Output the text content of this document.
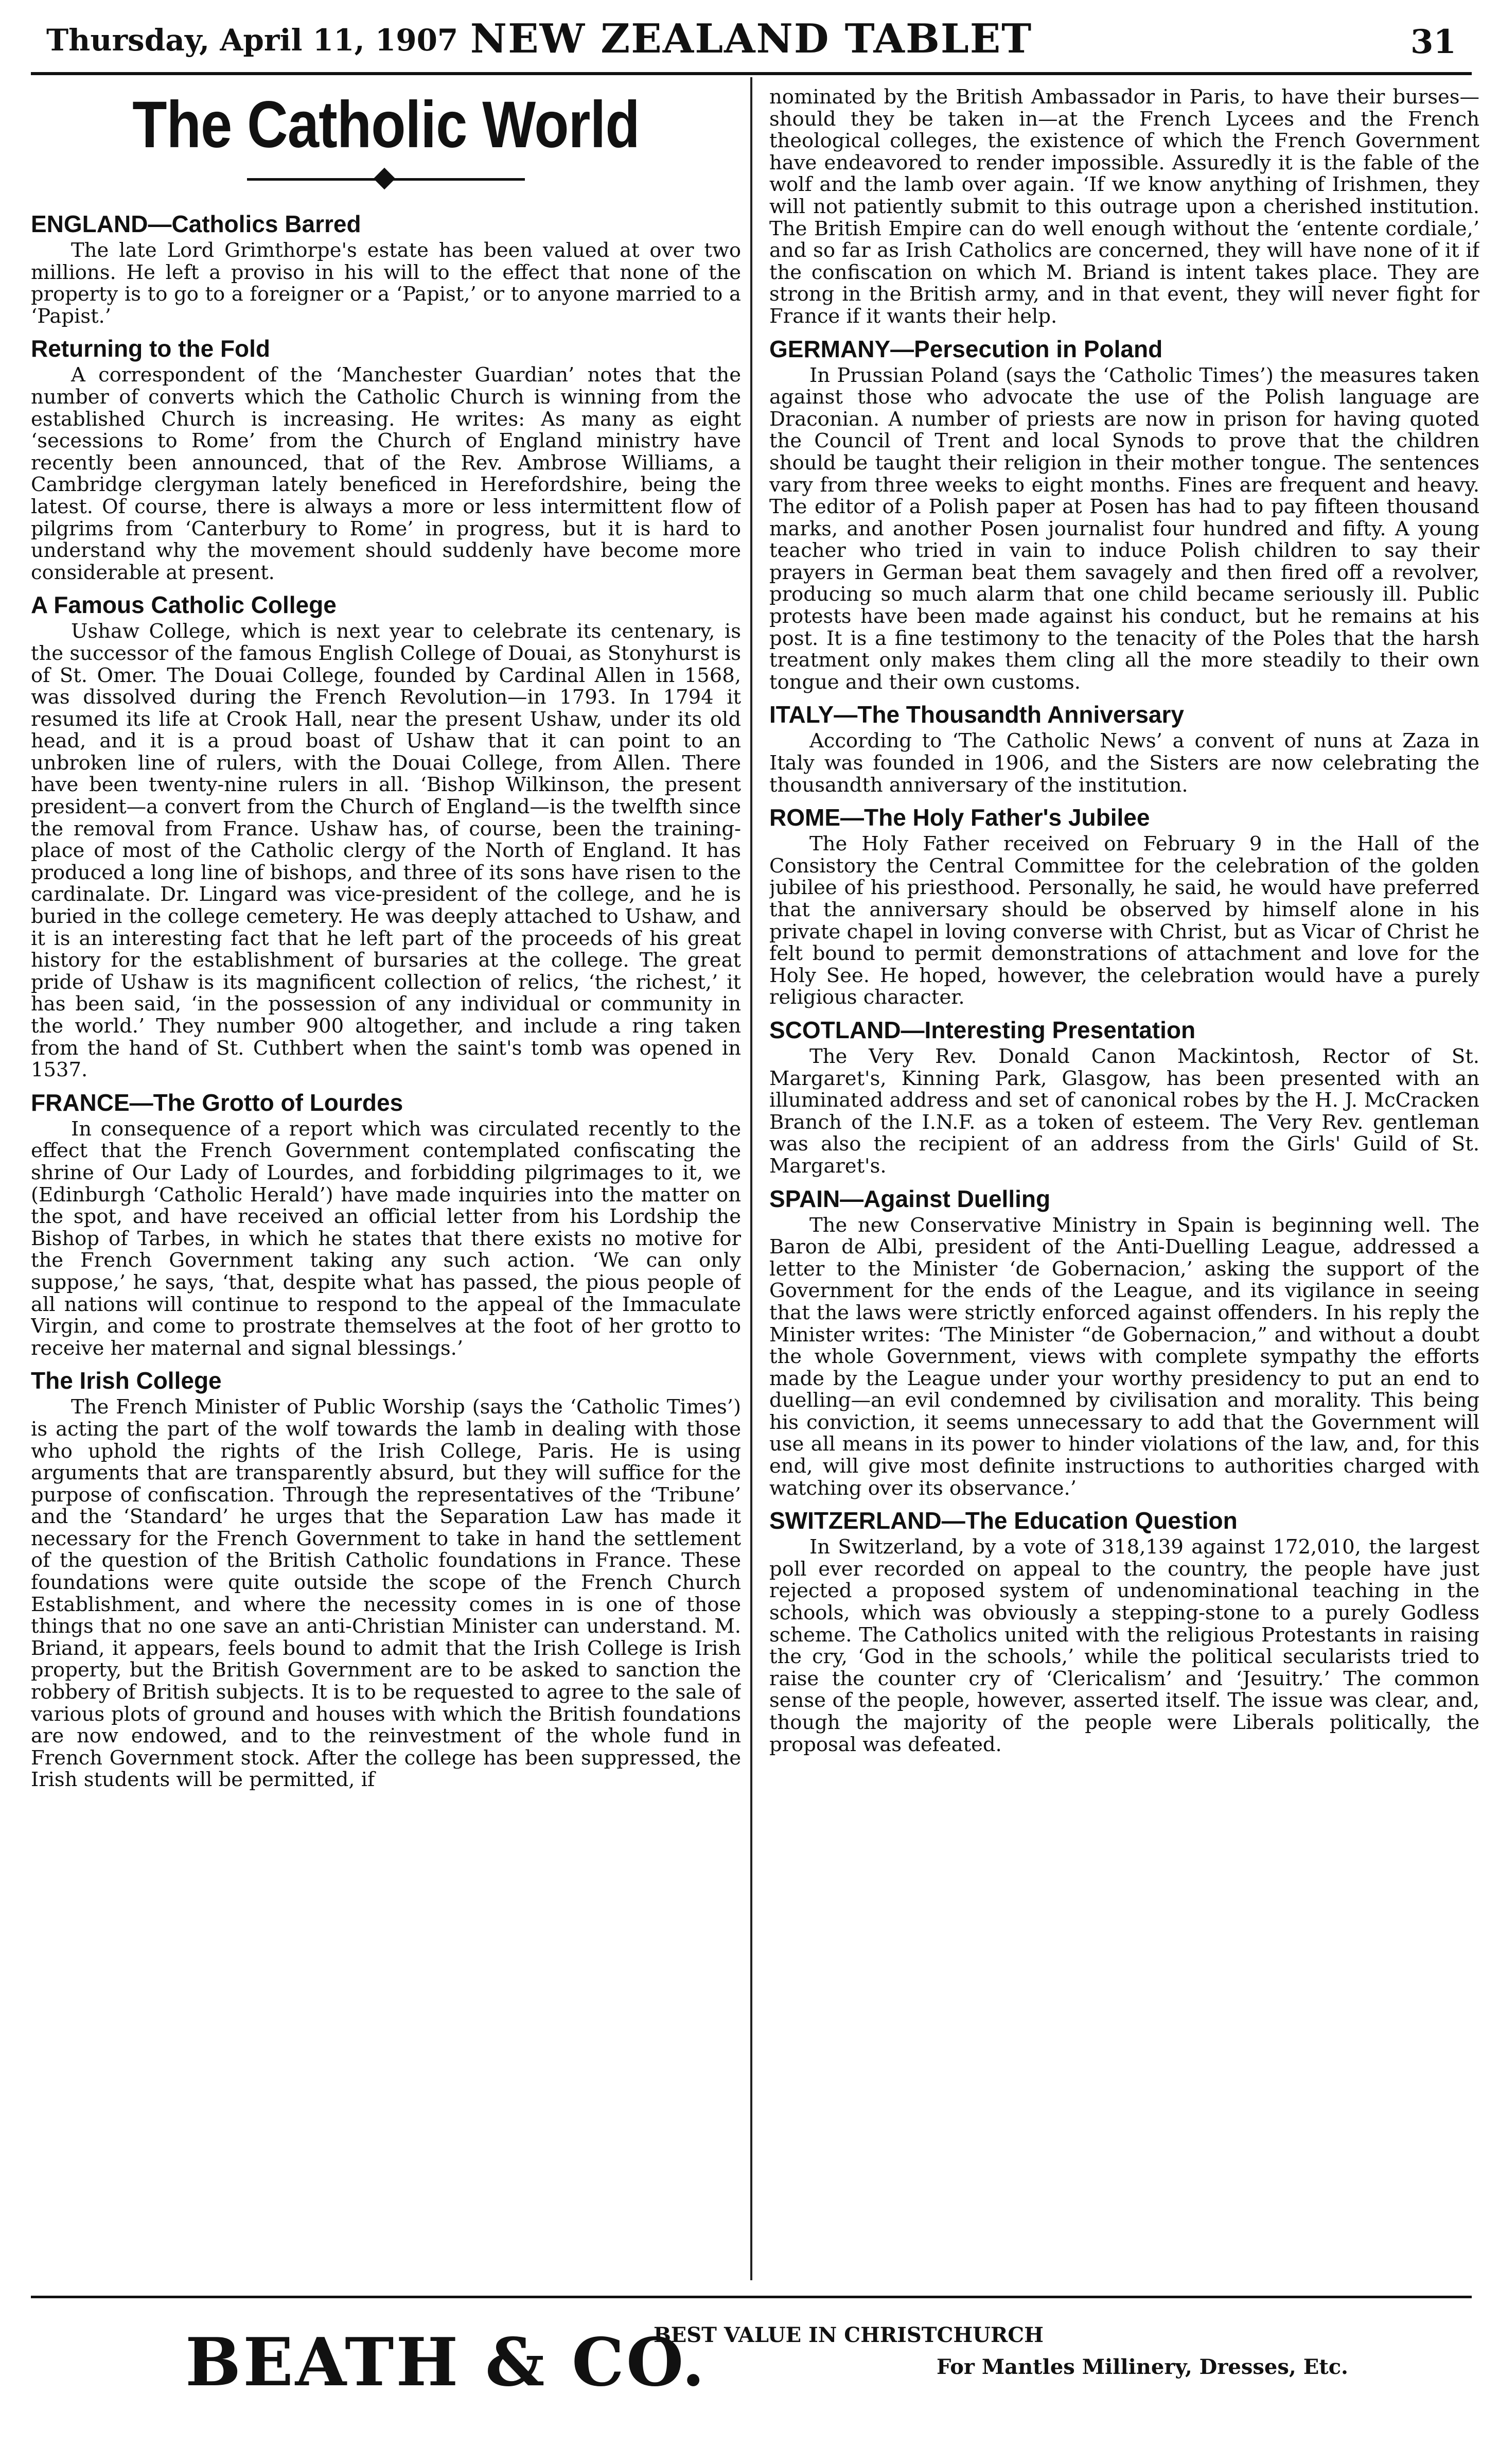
Thursday, April 11, 1907 NEW ZEALAND TABLET	31
The Catholic World
ENGLAND—Catholics Barred

The late Lord Grimthorpe's estate has been valued at over two millions. He left a proviso in his will to the effect that none of the property is to go to a foreigner or a ‘Papist,’ or to anyone married to a ‘Papist.’

Returning to the Fold

A correspondent of the ‘Manchester Guardian’ notes that the number of converts which the Catholic Church is winning from the established Church is increasing. He writes: As many as eight ‘secessions to Rome’ from the Church of England ministry have recently been announced, that of the Rev. Ambrose Williams, a Cambridge clergyman lately beneficed in Herefordshire, being the latest. Of course, there is always a more or less intermittent flow of pilgrims from ‘Canterbury to Rome’ in progress, but it is hard to understand why the movement should suddenly have become more considerable at present.

A Famous Catholic College

Ushaw College, which is next year to celebrate its centenary, is the successor of the famous English College of Douai, as Stonyhurst is of St. Omer. The Douai College, founded by Cardinal Allen in 1568, was dissolved during the French Revolution—in 1793. In 1794 it resumed its life at Crook Hall, near the present Ushaw, under its old head, and it is a proud boast of Ushaw that it can point to an unbroken line of rulers, with the Douai College, from Allen. There have been twenty-nine rulers in all. ‘Bishop Wilkinson, the present president—a convert from the Church of England—is the twelfth since the removal from France. Ushaw has, of course, been the training-place of most of the Catholic clergy of the North of England. It has produced a long line of bishops, and three of its sons have risen to the cardinalate. Dr. Lingard was vice-president of the college, and he is buried in the college cemetery. He was deeply attached to Ushaw, and it is an interesting fact that he left part of the proceeds of his great history for the establishment of bursaries at the college. The great pride of Ushaw is its magnificent collection of relics, ‘the richest,’ it has been said, ‘in the possession of any individual or community in the world.’ They number 900 altogether, and include a ring taken from the hand of St. Cuthbert when the saint's tomb was opened in 1537.

FRANCE—The Grotto of Lourdes

In consequence of a report which was circulated recently to the effect that the French Government contemplated confiscating the shrine of Our Lady of Lourdes, and forbidding pilgrimages to it, we (Edinburgh ‘Catholic Herald’) have made inquiries into the matter on the spot, and have received an official letter from his Lordship the Bishop of Tarbes, in which he states that there exists no motive for the French Government taking any such action. ‘We can only suppose,’ he says, ‘that, despite what has passed, the pious people of all nations will continue to respond to the appeal of the Immaculate Virgin, and come to prostrate themselves at the foot of her grotto to receive her maternal and signal blessings.’

The Irish College

The French Minister of Public Worship (says the ‘Catholic Times’) is acting the part of the wolf towards the lamb in dealing with those who uphold the rights of the Irish College, Paris. He is using arguments that are transparently absurd, but they will suffice for the purpose of confiscation. Through the representatives of the ‘Tribune’ and the ‘Standard’ he urges that the Separation Law has made it necessary for the French Government to take in hand the settlement of the question of the British Catholic foundations in France. These foundations were quite outside the scope of the French Church Establishment, and where the necessity comes in is one of those things that no one save an anti-Christian Minister can understand. M. Briand, it appears, feels bound to admit that the Irish College is Irish property, but the British Government are to be asked to sanction the robbery of British subjects. It is to be requested to agree to the sale of various plots of ground and houses with which the British foundations are now endowed, and to the reinvestment of the whole fund in French Government stock. After the college has been suppressed, the Irish students will be permitted, if

nominated by the British Ambassador in Paris, to have their burses—should they be taken in—at the French Lycees and the French theological colleges, the existence of which the French Government have endeavored to render impossible. Assuredly it is the fable of the wolf and the lamb over again. ‘If we know anything of Irishmen, they will not patiently submit to this outrage upon a cherished institution. The British Empire can do well enough without the ‘entente cordiale,’ and so far as Irish Catholics are concerned, they will have none of it if the confiscation on which M. Briand is intent takes place. They are strong in the British army, and in that event, they will never fight for France if it wants their help.

GERMANY—Persecution in Poland

In Prussian Poland (says the ‘Catholic Times’) the measures taken against those who advocate the use of the Polish language are Draconian. A number of priests are now in prison for having quoted the Council of Trent and local Synods to prove that the children should be taught their religion in their mother tongue. The sentences vary from three weeks to eight months. Fines are frequent and heavy. The editor of a Polish paper at Posen has had to pay fifteen thousand marks, and another Posen journalist four hundred and fifty. A young teacher who tried in vain to induce Polish children to say their prayers in German beat them savagely and then fired off a revolver, producing so much alarm that one child became seriously ill. Public protests have been made against his conduct, but he remains at his post. It is a fine testimony to the tenacity of the Poles that the harsh treatment only makes them cling all the more steadily to their own tongue and their own customs.

ITALY—The Thousandth Anniversary

According to ‘The Catholic News’ a convent of nuns at Zaza in Italy was founded in 1906, and the Sisters are now celebrating the thousandth anniversary of the institution.

ROME—The Holy Father's Jubilee

The Holy Father received on February 9 in the Hall of the Consistory the Central Committee for the celebration of the golden jubilee of his priesthood. Personally, he said, he would have preferred that the anniversary should be observed by himself alone in his private chapel in loving converse with Christ, but as Vicar of Christ he felt bound to permit demonstrations of attachment and love for the Holy See. He hoped, however, the celebration would have a purely religious character.

SCOTLAND—Interesting Presentation

The Very Rev. Donald Canon Mackintosh, Rector of St. Margaret's, Kinning Park, Glasgow, has been presented with an illuminated address and set of canonical robes by the H. J. McCracken Branch of the I.N.F. as a token of esteem. The Very Rev. gentleman was also the recipient of an address from the Girls' Guild of St. Margaret's.

SPAIN—Against Duelling

The new Conservative Ministry in Spain is beginning well. The Baron de Albi, president of the Anti-Duelling League, addressed a letter to the Minister ‘de Gobernacion,’ asking the support of the Government for the ends of the League, and its vigilance in seeing that the laws were strictly enforced against offenders. In his reply the Minister writes: ‘The Minister “de Gobernacion,” and without a doubt the whole Government, views with complete sympathy the efforts made by the League under your worthy presidency to put an end to duelling—an evil condemned by civilisation and morality. This being his conviction, it seems unnecessary to add that the Government will use all means in its power to hinder violations of the law, and, for this end, will give most definite instructions to authorities charged with watching over its observance.’

SWITZERLAND—The Education Question

In Switzerland, by a vote of 318,139 against 172,010, the largest poll ever recorded on appeal to the country, the people have just rejected a proposed system of undenominational teaching in the schools, which was obviously a stepping-stone to a purely Godless scheme. The Catholics united with the religious Protestants in raising the cry, ‘God in the schools,’ while the political secularists tried to raise the counter cry of ‘Clericalism’ and ‘Jesuitry.’ The common sense of the people, however, asserted itself. The issue was clear, and, though the majority of the people were Liberals politically, the proposal was defeated.

BEATH & CO.
BEST VALUE IN CHRISTCHURCH
For Mantles Millinery, Dresses, Etc.
